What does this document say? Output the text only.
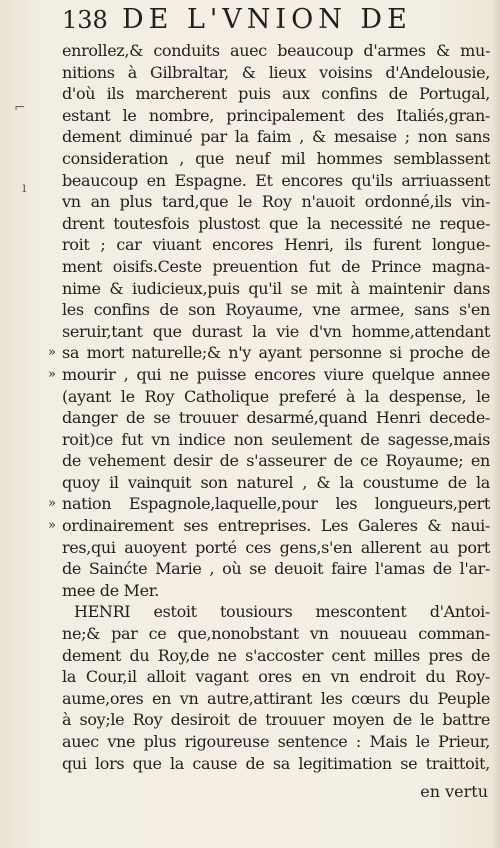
138 DE L'VNION DE
⌐
ı
enrollez,& conduits auec beaucoup d'armes & mu-
nitions à Gilbraltar, & lieux voisins d'Andelousie,
d'où ils marcherent puis aux confins de Portugal,
estant le nombre, principalement des Italiés,gran-
dement diminué par la faim , & mesaise ; non sans
consideration , que neuf mil hommes semblassent
beaucoup en Espagne. Et encores qu'ils arriuassent
vn an plus tard,que le Roy n'auoit ordonné,ils vin-
drent toutesfois plustost que la necessité ne reque-
roit ; car viuant encores Henri, ils furent longue-
ment oisifs.Ceste preuention fut de Prince magna-
nime & iudicieux,puis qu'il se mit à maintenir dans
les confins de son Royaume, vne armee, sans s'en
seruir,tant que durast la vie d'vn homme,attendant
» sa mort naturelle;& n'y ayant personne si proche de
» mourir , qui ne puisse encores viure quelque annee
(ayant le Roy Catholique preferé à la despense, le
danger de se trouuer desarmé,quand Henri decede-
roit)ce fut vn indice non seulement de sagesse,mais
de vehement desir de s'asseurer de ce Royaume; en
quoy il vainquit son naturel , & la coustume de la
» nation Espagnole,laquelle,pour les longueurs,pert
» ordinairement ses entreprises. Les Galeres & naui-
res,qui auoyent porté ces gens,s'en allerent au port
de Sainćte Marie , où se deuoit faire l'amas de l'ar-
mee de Mer.
HENRI estoit tousiours mescontent d'Antoi-
ne;& par ce que,nonobstant vn nouueau comman-
dement du Roy,de ne s'accoster cent milles pres de
la Cour,il alloit vagant ores en vn endroit du Roy-
aume,ores en vn autre,attirant les cœurs du Peuple
à soy;le Roy desiroit de trouuer moyen de le battre
auec vne plus rigoureuse sentence : Mais le Prieur,
qui lors que la cause de sa legitimation se traittoit,
en vertu
